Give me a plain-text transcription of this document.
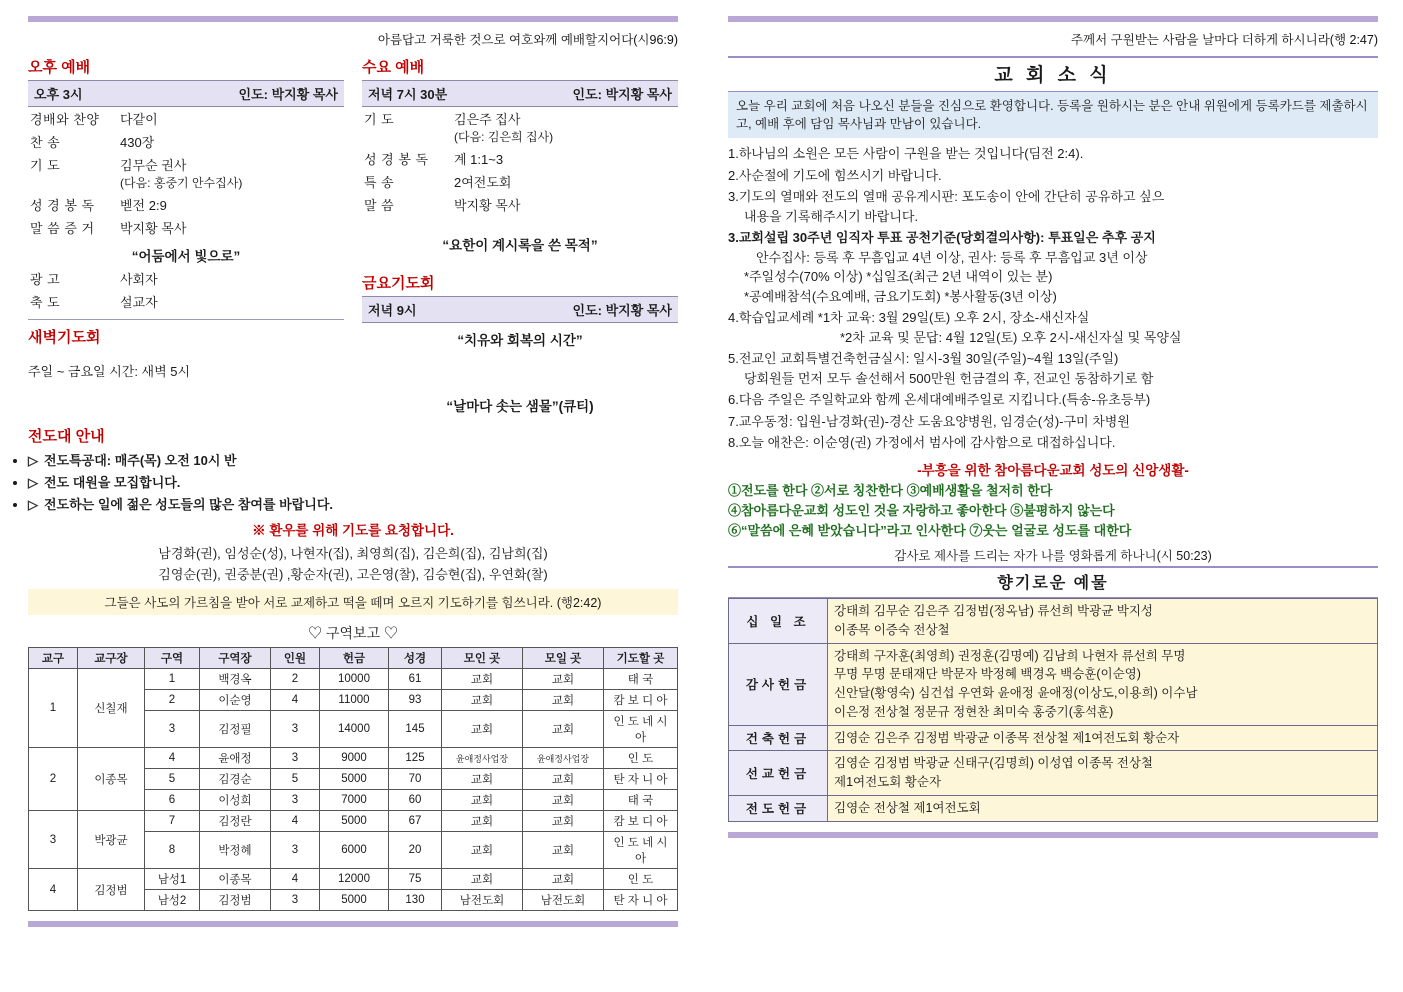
아름답고 거룩한 것으로 여호와께 예배할지어다(시96:9)
오후 예배
오후 3시	인도: 박지황 목사
경배와 찬양	다같이
찬 송	430장
기 도	김무순 권사
(다음: 홍중기 안수집사)

성 경 봉 독	벧전 2:9
말 씀 증 거	박지황 목사
“어둠에서 빛으로”
광 고	사회자
축 도	설교자
새벽기도회
주일 ~ 금요일 시간: 새벽 5시
수요 예배
저녁 7시 30분	인도: 박지황 목사
기 도	김은주 집사
(다음: 김은희 집사)

성 경 봉 독	계 1:1~3
특 송	2여전도회
말 씀	박지황 목사
“요한이 계시록을 쓴 목적”
금요기도회
저녁 9시	인도: 박지황 목사
“치유와 회복의 시간”
“날마다 솟는 샘물”(큐티)
전도대 안내
• ▷ 전도특공대: 매주(목) 오전 10시 반
• ▷ 전도 대원을 모집합니다.
• ▷ 전도하는 일에 젊은 성도들의 많은 참여를 바랍니다.
※ 환우를 위해 기도를 요청합니다.
남경화(권), 임성순(성), 나현자(집), 최영희(집), 김은희(집), 김남희(집)
김영순(권), 권중분(권) ,황순자(권), 고은영(찰), 김승현(집), 우연화(찰)
그들은 사도의 가르침을 받아 서로 교제하고 떡을 떼며 오르지 기도하기를 힘쓰니라. (행2:42)
♡ 구역보고 ♡
교구	교구장	구역	구역장	인원	헌금	성경	모인 곳	모일 곳	기도할 곳
1	신칠재	1	백경옥	2	10000	61	교회	교회	태 국
		2	이순영	4	11000	93	교회	교회	캄 보 디 아
		3	김정필	3	14000	145	교회	교회	인 도 네 시 아
2	이종목	4	윤애정	3	9000	125	윤애정사업장	윤애정사업장	인 도
		5	김경순	5	5000	70	교회	교회	탄 자 니 아
		6	이성희	3	7000	60	교회	교회	태 국
3	박광균	7	김정란	4	5000	67	교회	교회	캄 보 디 아
		8	박정혜	3	6000	20	교회	교회	인 도 네 시 아
4	김정범	남성1	이종목	4	12000	75	교회	교회	인 도
		남성2	김정범	3	5000	130	남전도회	남전도회	탄 자 니 아
주께서 구원받는 사람을 날마다 더하게 하시니라(행 2:47)
교 회 소 식
오늘 우리 교회에 처음 나오신 분들을 진심으로 환영합니다. 등록을 원하시는 분은 안내 위원에게 등록카드를 제출하시고, 예배 후에 담임 목사님과 만남이 있습니다.
1.하나님의 소원은 모든 사람이 구원을 받는 것입니다(딤전 2:4).
2.사순절에 기도에 힘쓰시기 바랍니다.
3.기도의 열매와 전도의 열매 공유게시판: 포도송이 안에 간단히 공유하고 싶으
내용을 기록해주시기 바랍니다.
3.교회설립 30주년 임직자 투표 공천기준(당회결의사항): 투표일은 추후 공지
안수집사: 등록 후 무흠입교 4년 이상, 권사: 등록 후 무흠입교 3년 이상
*주일성수(70% 이상) *십일조(최근 2년 내역이 있는 분)
*공예배참석(수요예배, 금요기도회) *봉사활동(3년 이상)
4.학습입교세례 *1차 교육: 3월 29일(토) 오후 2시, 장소-새신자실
*2차 교육 및 문답: 4월 12일(토) 오후 2시-새신자실 및 목양실
5.전교인 교회특별건축헌금실시: 일시-3월 30일(주일)~4월 13일(주일)
당회원들 먼저 모두 솔선해서 500만원 헌금결의 후, 전교인 동참하기로 함
6.다음 주일은 주일학교와 함께 온세대예배주일로 지킵니다.(특송-유초등부)
7.교우동정: 입원-남경화(권)-경산 도움요양병원, 임경순(성)-구미 차병원
8.오늘 애찬은: 이순영(권) 가정에서 범사에 감사함으로 대접하십니다.
-부흥을 위한 참아름다운교회 성도의 신앙생활-
①전도를 한다 ②서로 칭찬한다 ③예배생활을 철저히 한다
④참아름다운교회 성도인 것을 자랑하고 좋아한다 ⑤불평하지 않는다
⑥“말씀에 은혜 받았습니다”라고 인사한다 ⑦웃는 얼굴로 성도를 대한다
감사로 제사를 드리는 자가 나를 영화롭게 하나니(시 50:23)
향기로운 예물
십 일 조	강태희 김무순 김은주 김정범(정옥남) 류선희 박광균 박지성
이종목 이증숙 전상철

감사헌금	강태희 구자훈(최영희) 권정훈(김명예) 김남희 나현자 류선희 무명
무명 무명 문태재단 박문자 박정혜 백경옥 백승훈(이순영)
신안달(황영숙) 심건섭 우연화 윤애정 윤애정(이상도,이용희) 이수남
이은정 전상철 정문규 정현찬 최미숙 홍중기(홍석훈)

건축헌금	김영순 김은주 김정범 박광균 이종목 전상철 제1여전도회 황순자

선교헌금	김영순 김정범 박광균 신태구(김명희) 이성엽 이종목 전상철
제1여전도회 황순자

전도헌금	김영순 전상철 제1여전도회
